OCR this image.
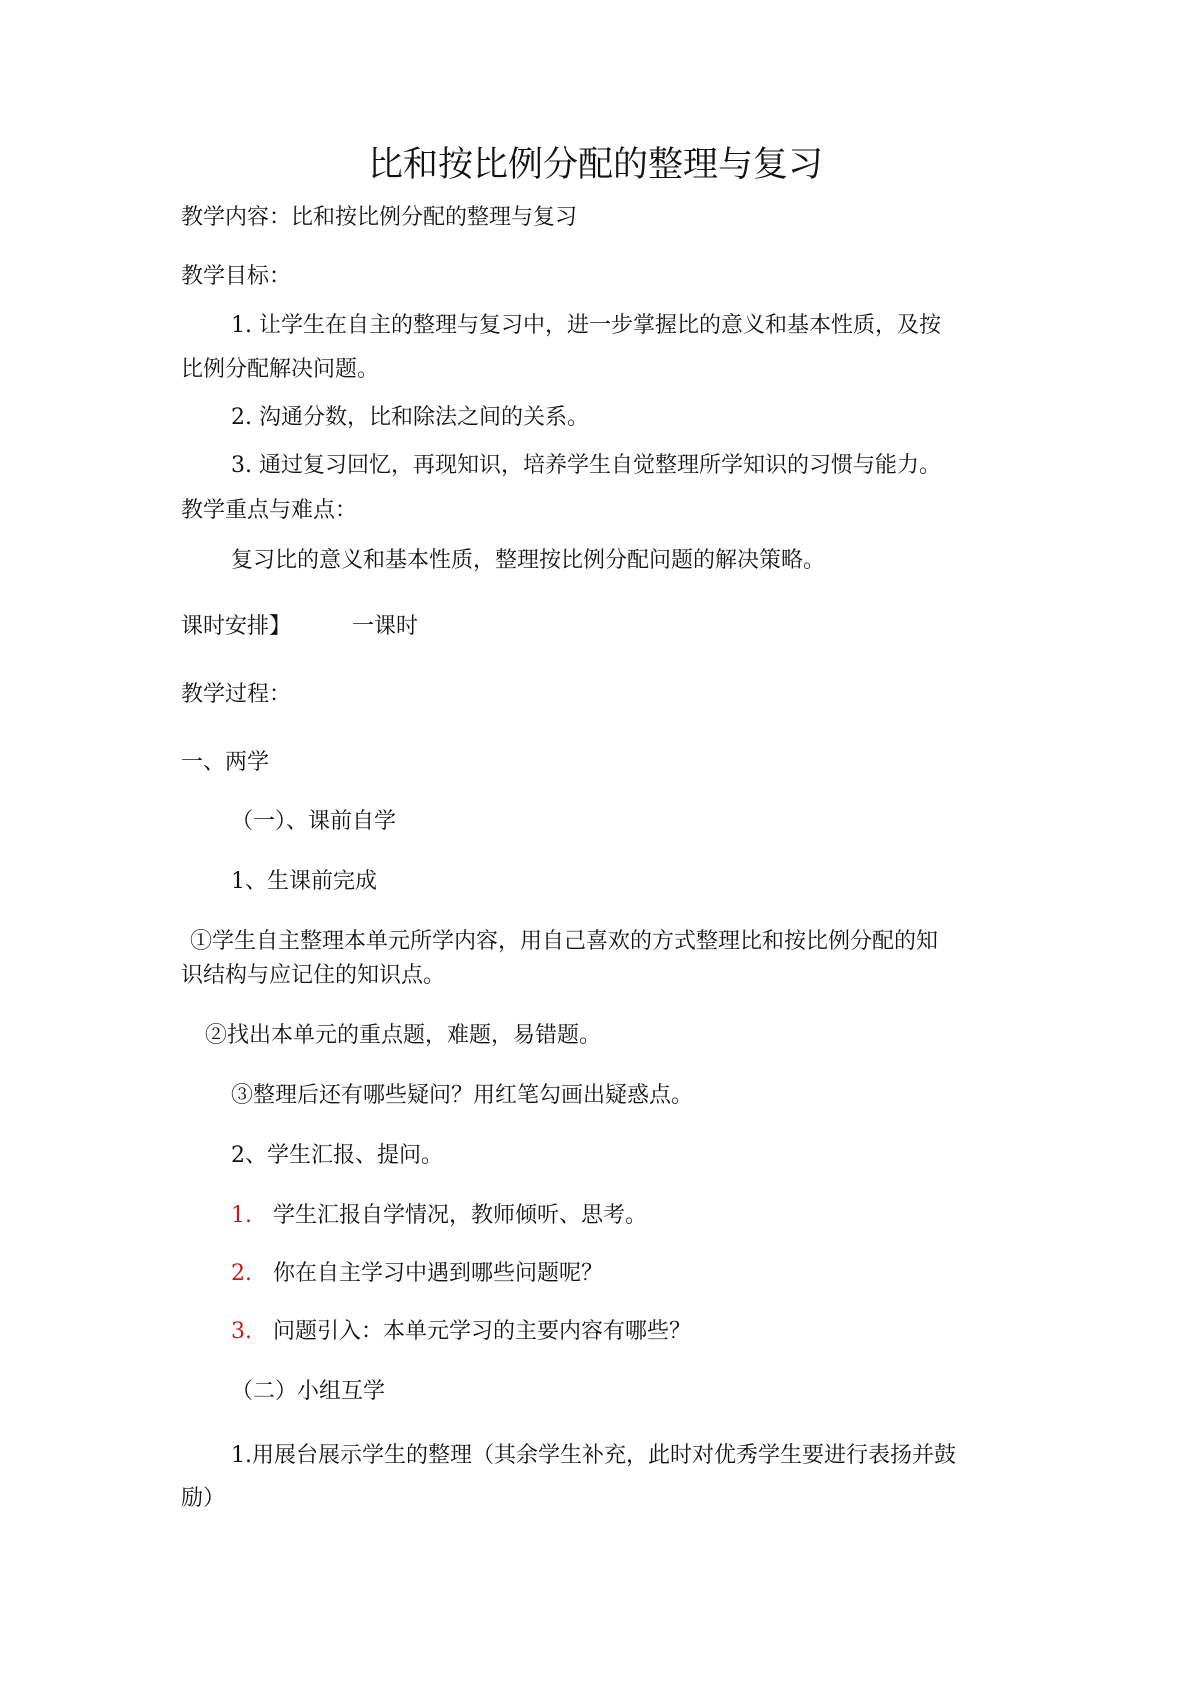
比和按比例分配的整理与复习
教学内容：比和按比例分配的整理与复习
教学目标：
1. 让学生在自主的整理与复习中，进一步掌握比的意义和基本性质，及按
比例分配解决问题。
2. 沟通分数，比和除法之间的关系。
3. 通过复习回忆，再现知识，培养学生自觉整理所学知识的习惯与能力。
教学重点与难点：
复习比的意义和基本性质，整理按比例分配问题的解决策略。
课时安排】	一课时
教学过程：
一、两学
（一）、课前自学
1、生课前完成
①学生自主整理本单元所学内容，用自己喜欢的方式整理比和按比例分配的知
识结构与应记住的知识点。
②找出本单元的重点题，难题，易错题。
③整理后还有哪些疑问？用红笔勾画出疑惑点。
2、学生汇报、提问。
1. 学生汇报自学情况，教师倾听、思考。
2. 你在自主学习中遇到哪些问题呢？
3. 问题引入：本单元学习的主要内容有哪些？
（二）小组互学
1.用展台展示学生的整理（其余学生补充，此时对优秀学生要进行表扬并鼓
励）
